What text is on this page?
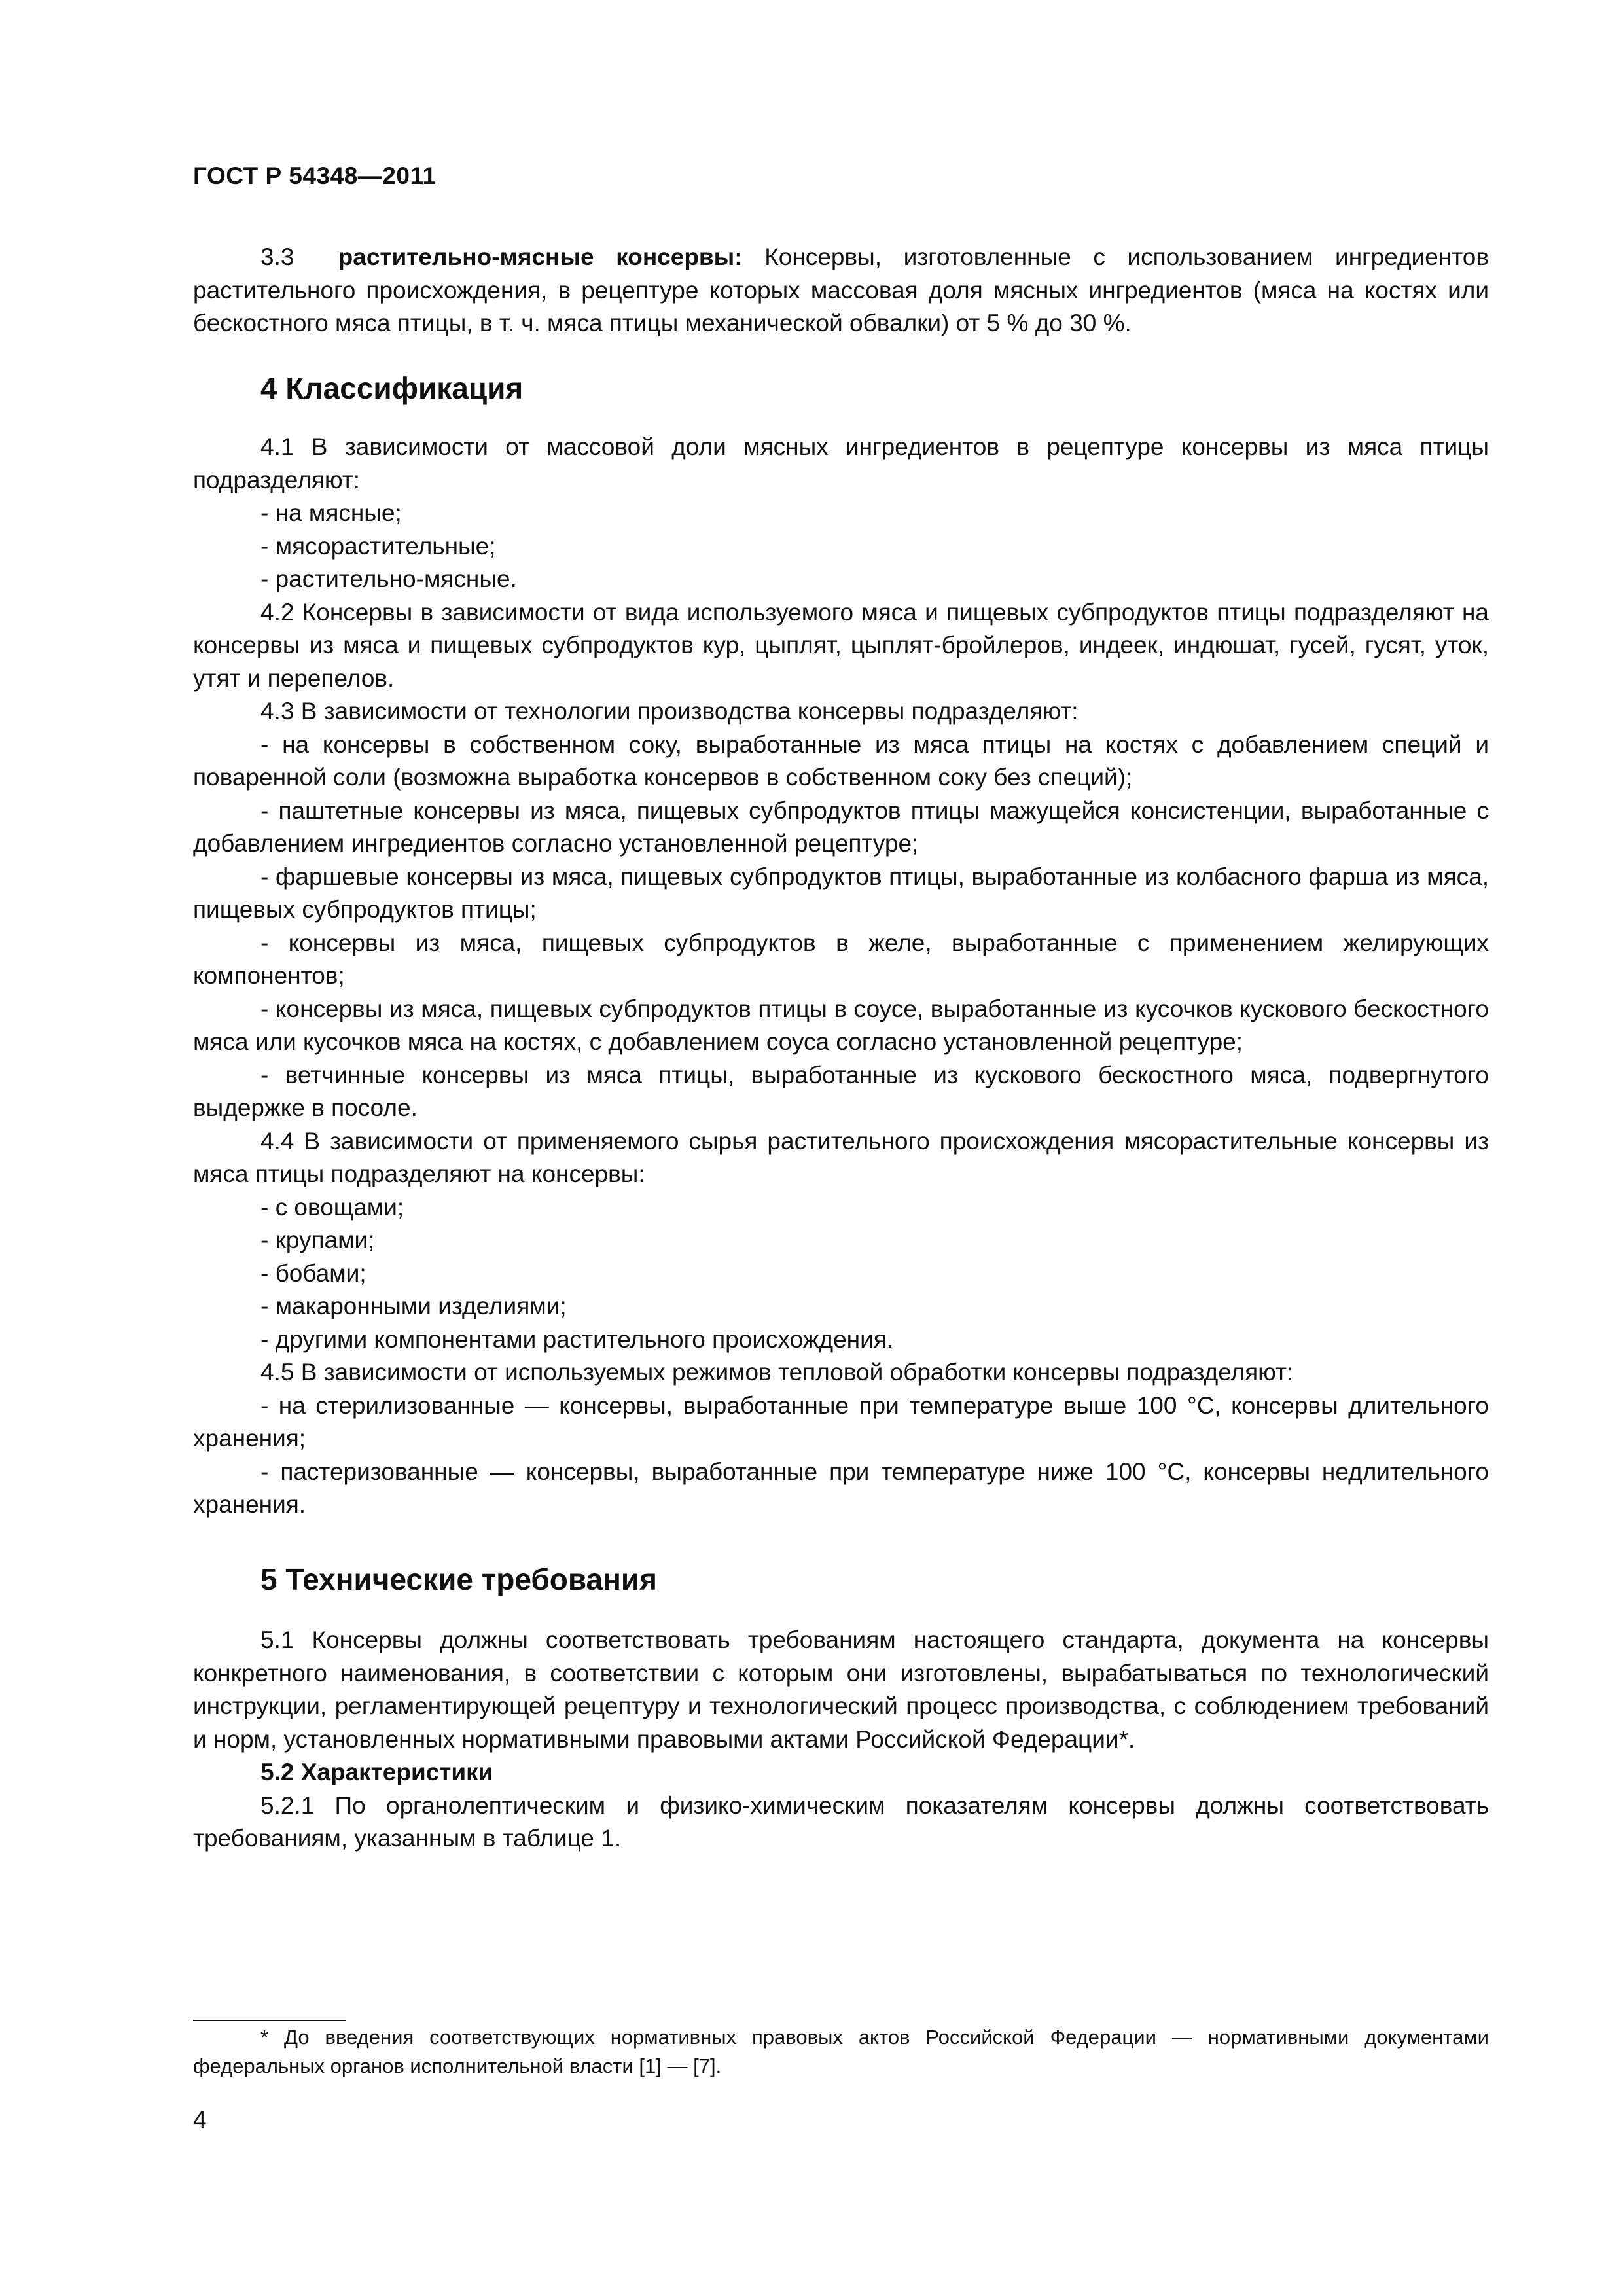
ГОСТ Р 54348—2011

3.3 растительно-мясные консервы: Консервы, изготовленные с использованием ингредиентов растительного происхождения, в рецептуре которых массовая доля мясных ингредиентов (мяса на костях или бескостного мяса птицы, в т. ч. мяса птицы механической обвалки) от 5 % до 30 %.

4 Классификация

4.1 В зависимости от массовой доли мясных ингредиентов в рецептуре консервы из мяса птицы подразделяют:

- на мясные;

- мясорастительные;

- растительно-мясные.

4.2 Консервы в зависимости от вида используемого мяса и пищевых субпродуктов птицы подразделяют на консервы из мяса и пищевых субпродуктов кур, цыплят, цыплят-бройлеров, индеек, индюшат, гусей, гусят, уток, утят и перепелов.

4.3 В зависимости от технологии производства консервы подразделяют:

- на консервы в собственном соку, выработанные из мяса птицы на костях с добавлением специй и поваренной соли (возможна выработка консервов в собственном соку без специй);

- паштетные консервы из мяса, пищевых субпродуктов птицы мажущейся консистенции, выработанные с добавлением ингредиентов согласно установленной рецептуре;

- фаршевые консервы из мяса, пищевых субпродуктов птицы, выработанные из колбасного фарша из мяса, пищевых субпродуктов птицы;

- консервы из мяса, пищевых субпродуктов в желе, выработанные с применением желирующих компонентов;

- консервы из мяса, пищевых субпродуктов птицы в соусе, выработанные из кусочков кускового бескостного мяса или кусочков мяса на костях, с добавлением соуса согласно установленной рецептуре;

- ветчинные консервы из мяса птицы, выработанные из кускового бескостного мяса, подвергнутого выдержке в посоле.

4.4 В зависимости от применяемого сырья растительного происхождения мясорастительные консервы из мяса птицы подразделяют на консервы:

- с овощами;

- крупами;

- бобами;

- макаронными изделиями;

- другими компонентами растительного происхождения.

4.5 В зависимости от используемых режимов тепловой обработки консервы подразделяют:

- на стерилизованные — консервы, выработанные при температуре выше 100 °С, консервы длительного хранения;

- пастеризованные — консервы, выработанные при температуре ниже 100 °С, консервы недлительного хранения.

5 Технические требования

5.1 Консервы должны соответствовать требованиям настоящего стандарта, документа на консервы конкретного наименования, в соответствии с которым они изготовлены, вырабатываться по технологический инструкции, регламентирующей рецептуру и технологический процесс производства, с соблюдением требований и норм, установленных нормативными правовыми актами Российской Федерации*.

5.2 Характеристики

5.2.1 По органолептическим и физико-химическим показателям консервы должны соответствовать требованиям, указанным в таблице 1.

* До введения соответствующих нормативных правовых актов Российской Федерации — нормативными документами федеральных органов исполнительной власти [1] — [7].

4
